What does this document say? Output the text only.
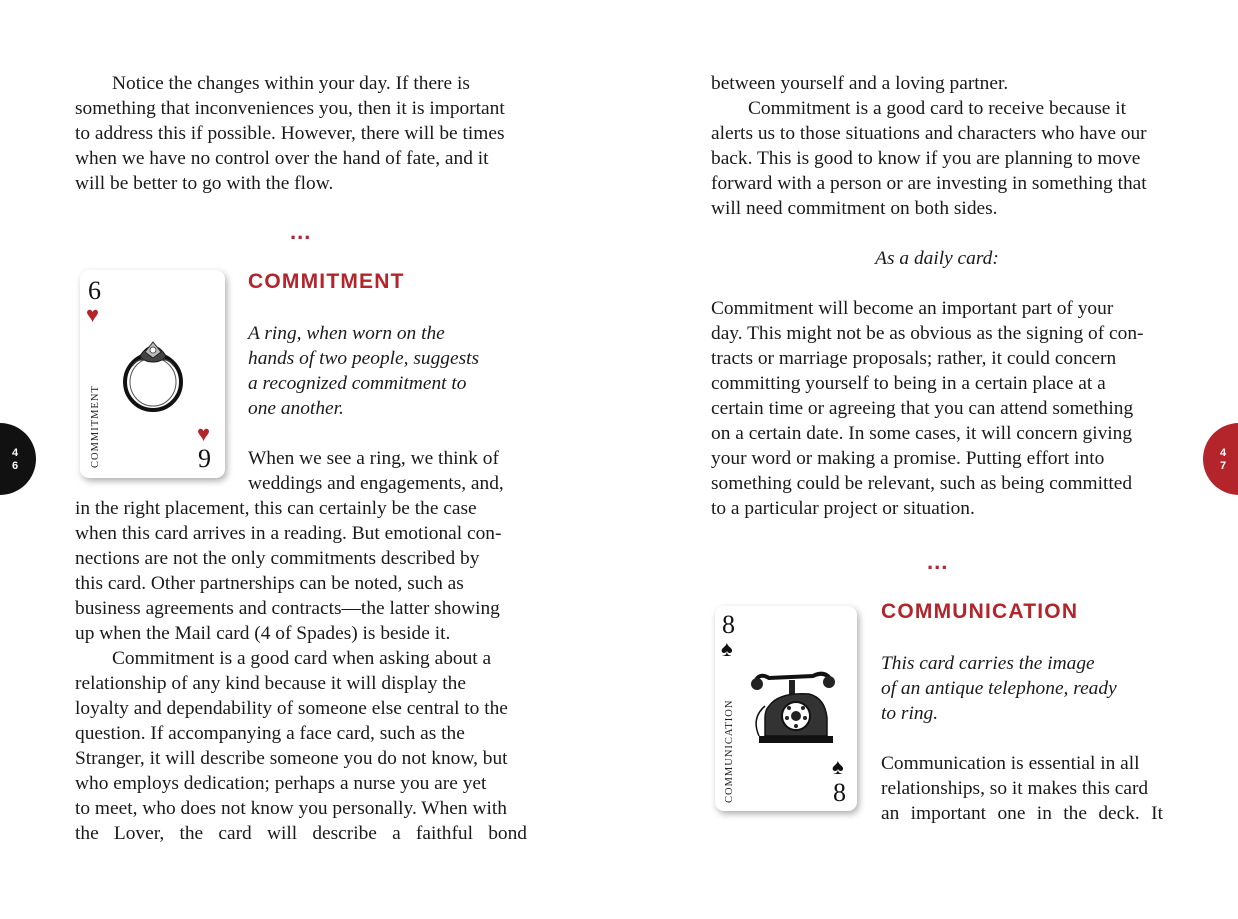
Notice the changes within your day. If there is

something that inconveniences you, then it is important

to address this if possible. However, there will be times

when we have no control over the hand of fate, and it

will be better to go with the flow.

...
6
♥
♥
9
COMMITMENT
COMMITMENT

A ring, when worn on the

hands of two people, suggests

a recognized commitment to

one another.

When we see a ring, we think of

weddings and engagements, and,

in the right placement, this can certainly be the case

when this card arrives in a reading. But emotional con-

nections are not the only commitments described by

this card. Other partnerships can be noted, such as

business agreements and contracts—the latter showing

up when the Mail card (4 of Spades) is beside it.

Commitment is a good card when asking about a

relationship of any kind because it will display the

loyalty and dependability of someone else central to the

question. If accompanying a face card, such as the

Stranger, it will describe someone you do not know, but

who employs dedication; perhaps a nurse you are yet

to meet, who does not know you personally. When with

the Lover, the card will describe a faithful bond

4
6

between yourself and a loving partner.

Commitment is a good card to receive because it

alerts us to those situations and characters who have our

back. This is good to know if you are planning to move

forward with a person or are investing in something that

will need commitment on both sides.

As a daily card:

Commitment will become an important part of your

day. This might not be as obvious as the signing of con-

tracts or marriage proposals; rather, it could concern

committing yourself to being in a certain place at a

certain time or agreeing that you can attend something

on a certain date. In some cases, it will concern giving

your word or making a promise. Putting effort into

something could be relevant, such as being committed

to a particular project or situation.

...
8
♠
♠
8
COMMUNICATION
COMMUNICATION

This card carries the image

of an antique telephone, ready

to ring.

Communication is essential in all

relationships, so it makes this card

an important one in the deck. It

4
7
